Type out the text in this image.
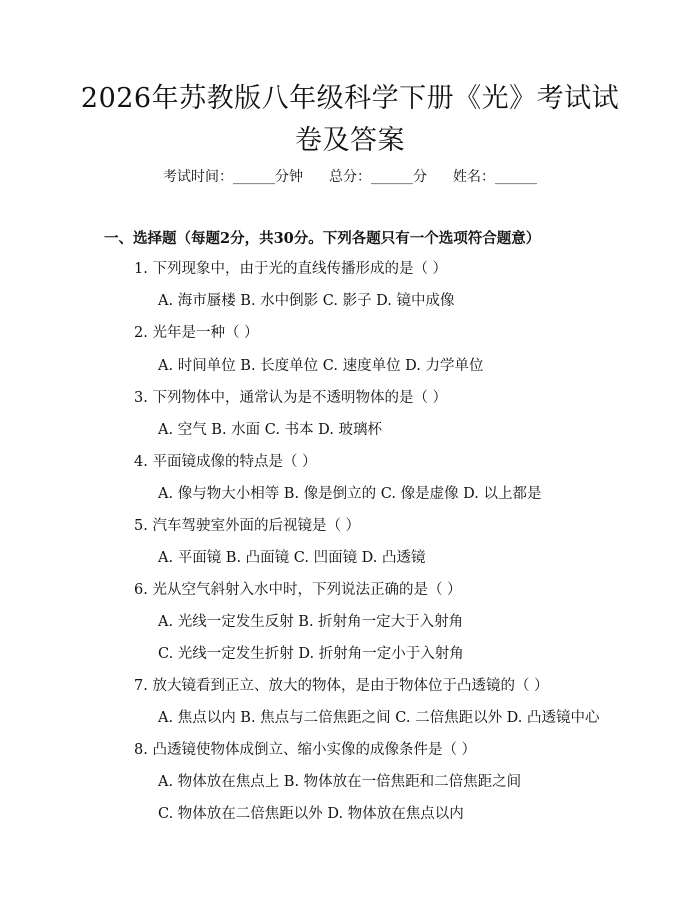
2026年苏教版八年级科学下册《光》考试试
卷及答案
考试时间：______分钟 总分：______分 姓名：______
一、选择题（每题2分，共30分。下列各题只有一个选项符合题意）
1. 下列现象中，由于光的直线传播形成的是（ ）
A. 海市蜃楼 B. 水中倒影 C. 影子 D. 镜中成像
2. 光年是一种（ ）
A. 时间单位 B. 长度单位 C. 速度单位 D. 力学单位
3. 下列物体中，通常认为是不透明物体的是（ ）
A. 空气 B. 水面 C. 书本 D. 玻璃杯
4. 平面镜成像的特点是（ ）
A. 像与物大小相等 B. 像是倒立的 C. 像是虚像 D. 以上都是
5. 汽车驾驶室外面的后视镜是（ ）
A. 平面镜 B. 凸面镜 C. 凹面镜 D. 凸透镜
6. 光从空气斜射入水中时，下列说法正确的是（ ）
A. 光线一定发生反射 B. 折射角一定大于入射角
C. 光线一定发生折射 D. 折射角一定小于入射角
7. 放大镜看到正立、放大的物体，是由于物体位于凸透镜的（ ）
A. 焦点以内 B. 焦点与二倍焦距之间 C. 二倍焦距以外 D. 凸透镜中心
8. 凸透镜使物体成倒立、缩小实像的成像条件是（ ）
A. 物体放在焦点上 B. 物体放在一倍焦距和二倍焦距之间
C. 物体放在二倍焦距以外 D. 物体放在焦点以内
